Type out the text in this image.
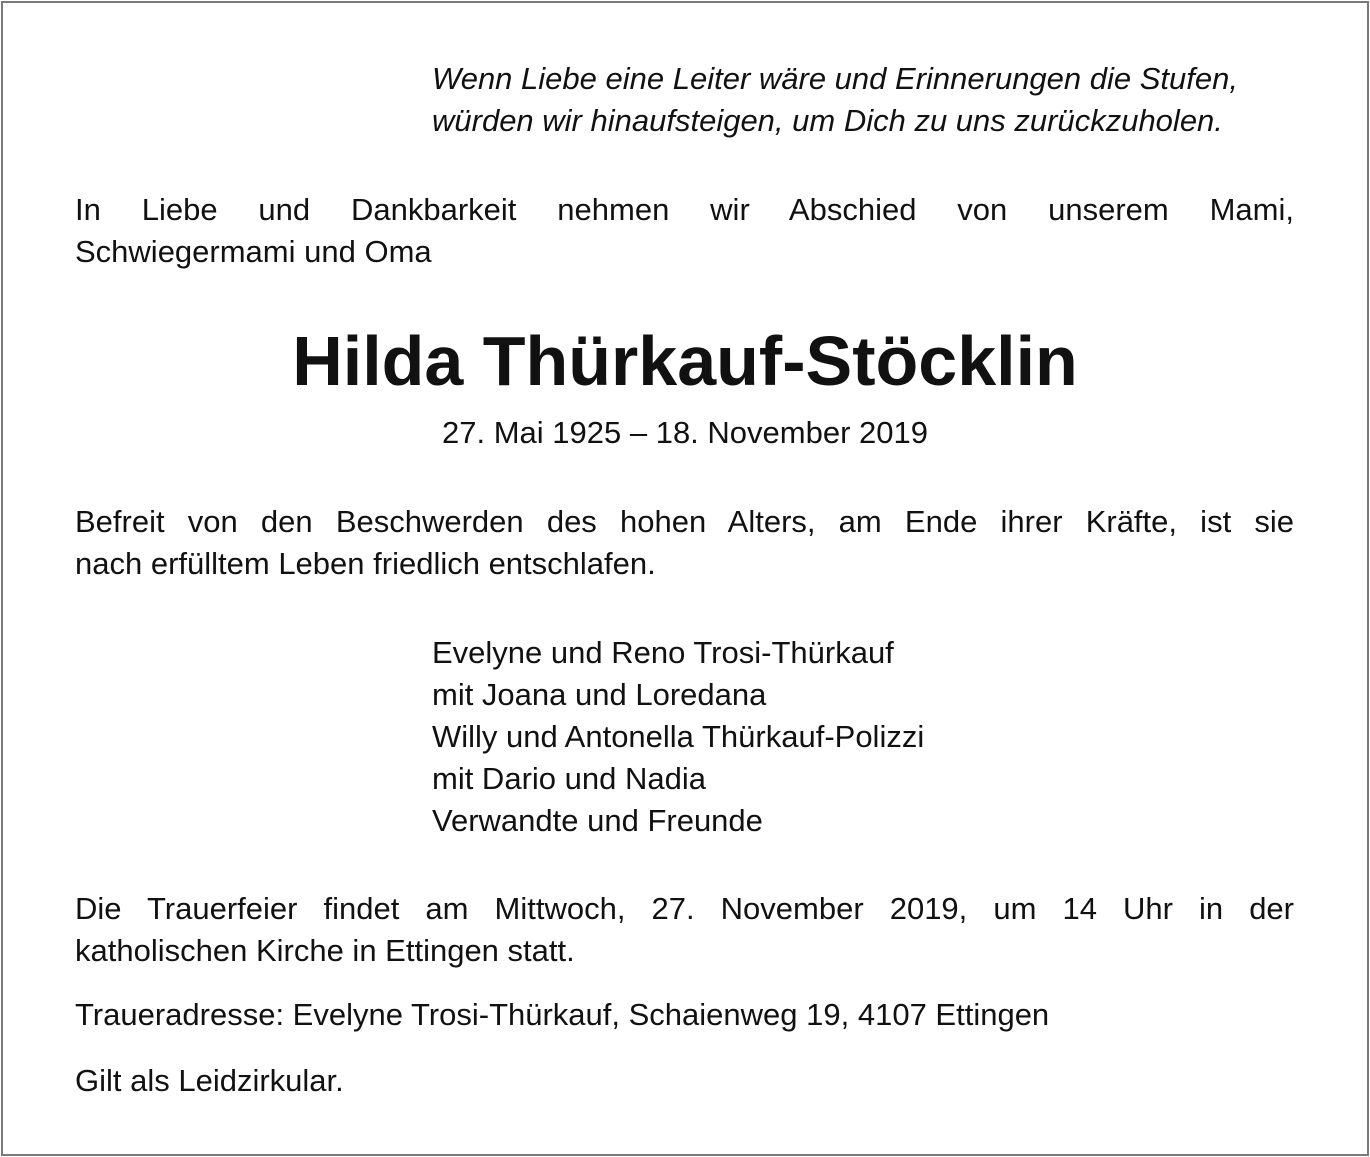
Wenn Liebe eine Leiter wäre und Erinnerungen die Stufen,
würden wir hinaufsteigen, um Dich zu uns zurückzuholen.
In Liebe und Dankbarkeit nehmen wir Abschied von unserem Mami,
Schwiegermami und Oma
Hilda Thürkauf-Stöcklin
27. Mai 1925 – 18. November 2019
Befreit von den Beschwerden des hohen Alters, am Ende ihrer Kräfte, ist sie
nach erfülltem Leben friedlich entschlafen.
Evelyne und Reno Trosi-Thürkauf
mit Joana und Loredana
Willy und Antonella Thürkauf-Polizzi
mit Dario und Nadia
Verwandte und Freunde
Die Trauerfeier findet am Mittwoch, 27. November 2019, um 14 Uhr in der
katholischen Kirche in Ettingen statt.
Traueradresse: Evelyne Trosi-Thürkauf, Schaienweg 19, 4107 Ettingen
Gilt als Leidzirkular.
